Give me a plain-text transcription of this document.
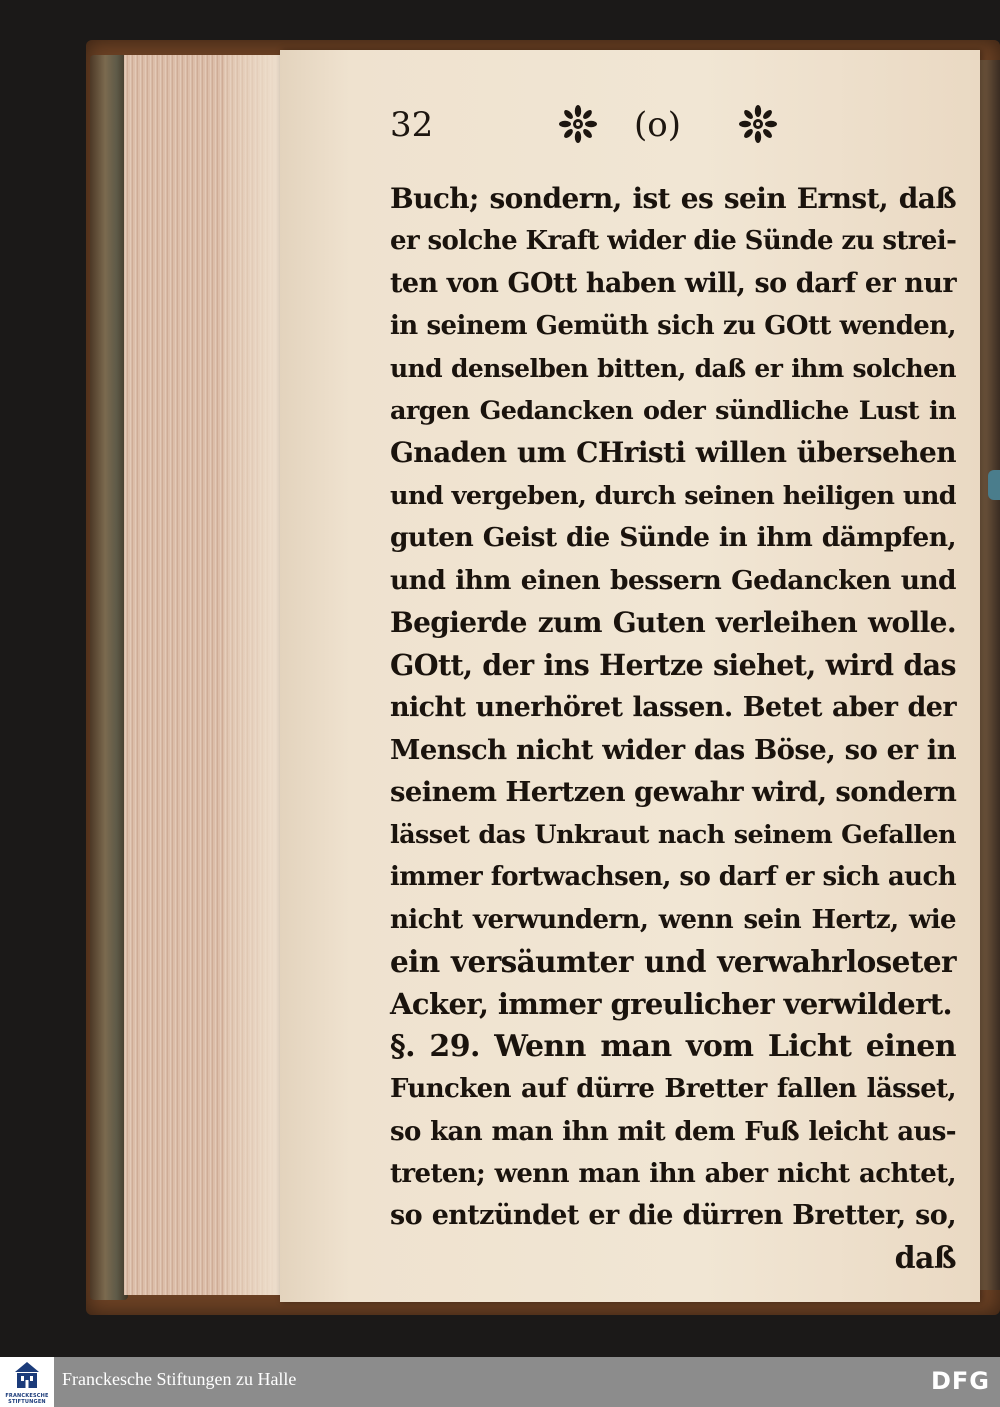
32	(o)
Buch; sondern, ist es sein Ernst, daß
er solche Kraft wider die Sünde zu strei-
ten von GOtt haben will, so darf er nur
in seinem Gemüth sich zu GOtt wenden,
und denselben bitten, daß er ihm solchen
argen Gedancken oder sündliche Lust in
Gnaden um CHristi willen übersehen
und vergeben, durch seinen heiligen und
guten Geist die Sünde in ihm dämpfen,
und ihm einen bessern Gedancken und
Begierde zum Guten verleihen wolle.
GOtt, der ins Hertze siehet, wird das
nicht unerhöret lassen. Betet aber der
Mensch nicht wider das Böse, so er in
seinem Hertzen gewahr wird, sondern
lässet das Unkraut nach seinem Gefallen
immer fortwachsen, so darf er sich auch
nicht verwundern, wenn sein Hertz, wie
ein versäumter und verwahrloseter
Acker, immer greulicher verwildert.
§. 29. Wenn man vom Licht einen
Funcken auf dürre Bretter fallen lässet,
so kan man ihn mit dem Fuß leicht aus-
treten; wenn man ihn aber nicht achtet,
so entzündet er die dürren Bretter, so,
daß
FRANCKESCHE STIFTUNGEN
Franckesche Stiftungen zu Halle	DFG
